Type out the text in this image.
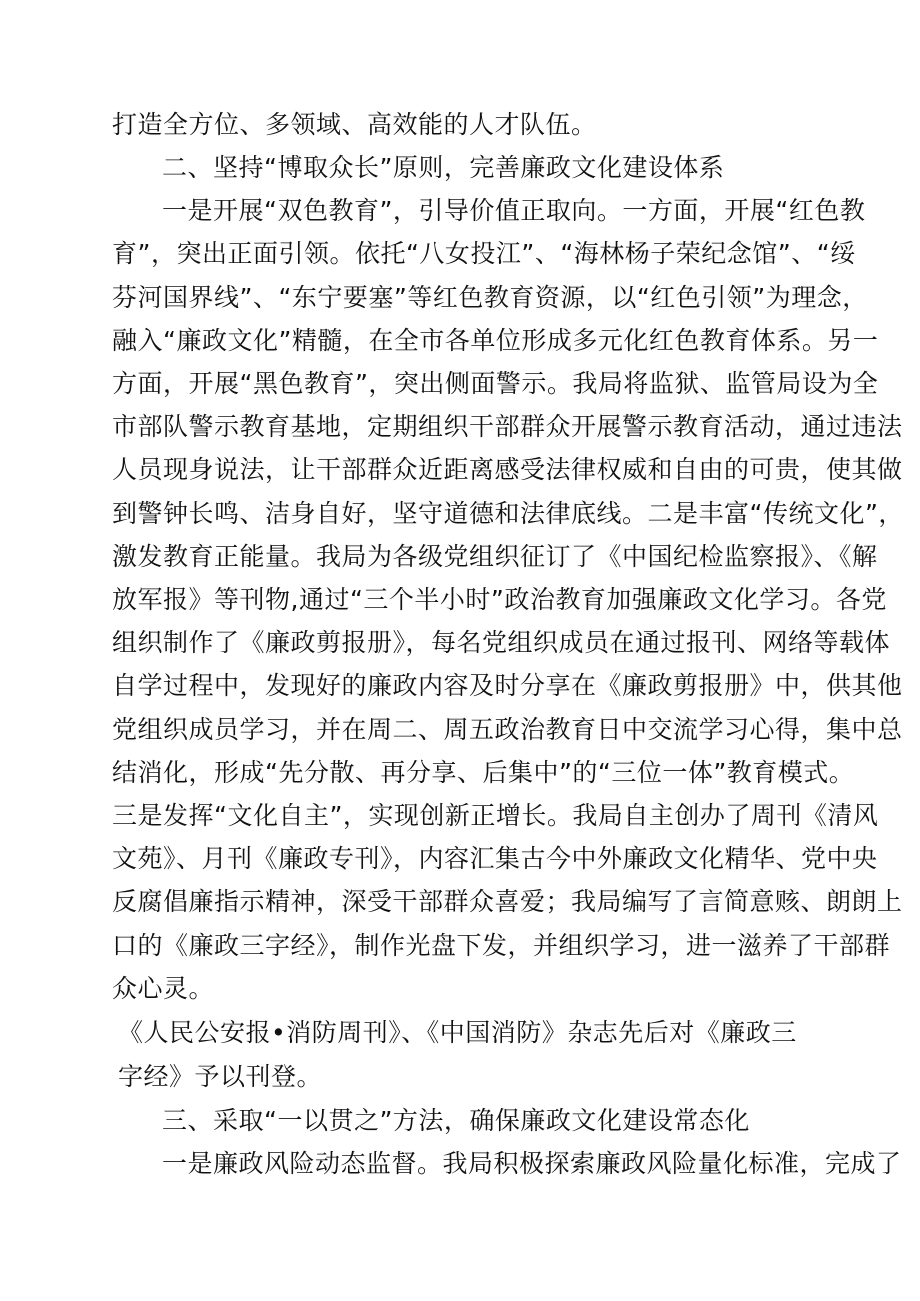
打造全方位、多领域、高效能的人才队伍。
二、坚持“博取众长”原则，完善廉政文化建设体系
一是开展“双色教育”，引导价值正取向。一方面，开展“红色教
育”，突出正面引领。依托“八女投江”、“海林杨子荣纪念馆”、“绥
芬河国界线”、“东宁要塞”等红色教育资源，以“红色引领”为理念，
融入“廉政文化”精髓，在全市各单位形成多元化红色教育体系。另一
方面，开展“黑色教育”，突出侧面警示。我局将监狱、监管局设为全
市部队警示教育基地，定期组织干部群众开展警示教育活动，通过违法
人员现身说法，让干部群众近距离感受法律权威和自由的可贵，使其做
到警钟长鸣、洁身自好，坚守道德和法律底线。二是丰富“传统文化”，
激发教育正能量。我局为各级党组织征订了《中国纪检监察报》、《解
放军报》等刊物,通过“三个半小时”政治教育加强廉政文化学习。各党
组织制作了《廉政剪报册》，每名党组织成员在通过报刊、网络等载体
自学过程中，发现好的廉政内容及时分享在《廉政剪报册》中，供其他
党组织成员学习，并在周二、周五政治教育日中交流学习心得，集中总
结消化，形成“先分散、再分享、后集中”的“三位一体”教育模式。
三是发挥“文化自主”，实现创新正增长。我局自主创办了周刊《清风
文苑》、月刊《廉政专刊》，内容汇集古今中外廉政文化精华、党中央
反腐倡廉指示精神，深受干部群众喜爱；我局编写了言简意赅、朗朗上
口的《廉政三字经》，制作光盘下发，并组织学习，进一滋养了干部群
众心灵。
《人民公安报•消防周刊》、《中国消防》杂志先后对《廉政三
字经》予以刊登。
三、采取“一以贯之”方法，确保廉政文化建设常态化
一是廉政风险动态监督。我局积极探索廉政风险量化标准，完成了
